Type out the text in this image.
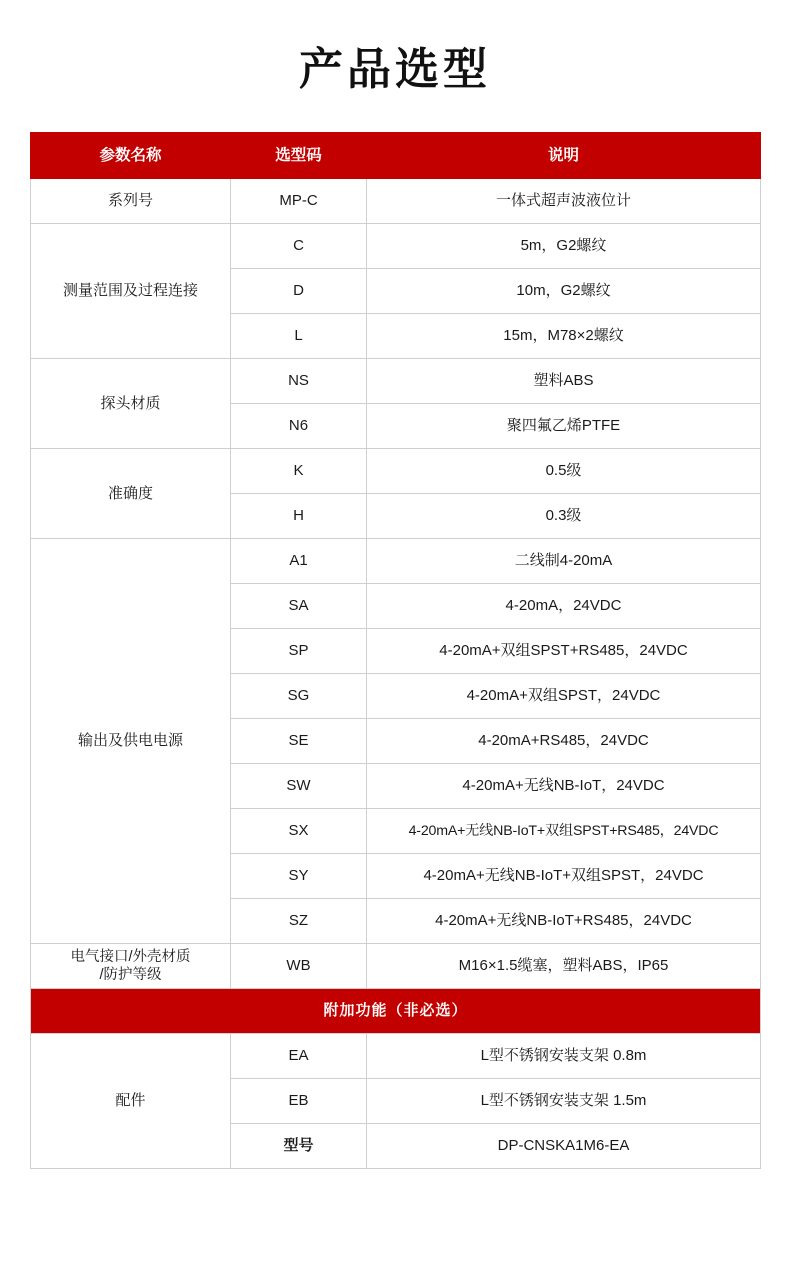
产品选型
参数名称	选型码	说明
系列号	MP-C	一体式超声波液位计
测量范围及过程连接	C	5m，G2螺纹
	D	10m，G2螺纹
	L	15m，M78×2螺纹
探头材质	NS	塑料ABS
	N6	聚四氟乙烯PTFE
准确度	K	0.5级
	H	0.3级
输出及供电电源	A1	二线制4-20mA
	SA	4-20mA，24VDC
	SP	4-20mA+双组SPST+RS485，24VDC
	SG	4-20mA+双组SPST，24VDC
	SE	4-20mA+RS485，24VDC
	SW	4-20mA+无线NB-IoT，24VDC
	SX	4-20mA+无线NB-IoT+双组SPST+RS485，24VDC
	SY	4-20mA+无线NB-IoT+双组SPST，24VDC
	SZ	4-20mA+无线NB-IoT+RS485，24VDC
电气接口/外壳材质
/防护等级	WB	M16×1.5缆塞，塑料ABS，IP65
附加功能（非必选）		
配件	EA	L型不锈钢安装支架 0.8m
	EB	L型不锈钢安装支架 1.5m
	型号	DP-CNSKA1M6-EA
